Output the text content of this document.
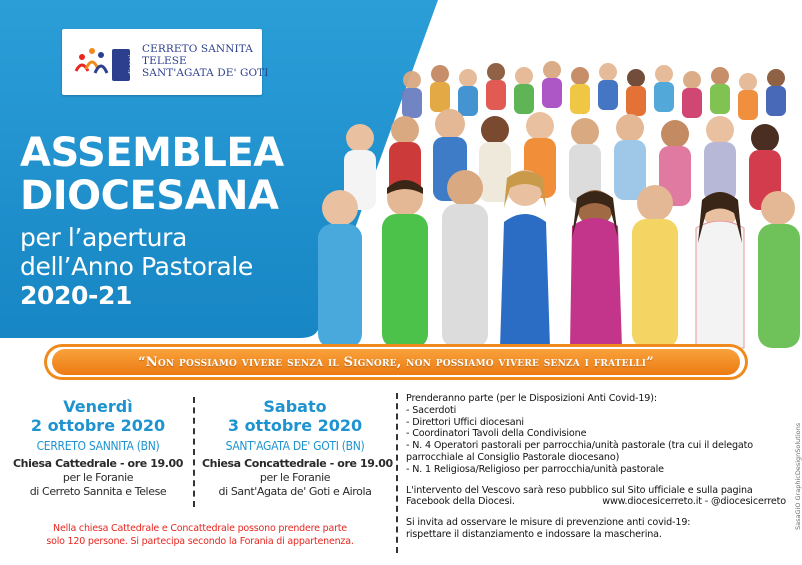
diocesi
CERRETO SANNITA
TELESE
SANT'AGATA DE' GOTI
ASSEMBLEA
DIOCESANA
per l’apertura
dell’Anno Pastorale
2020-21
“Non possiamo vivere senza il Signore, non possiamo vivere senza i fratelli”
SasaGiO GraphicDesignSolutions
Venerdì
2 ottobre 2020
CERRETO SANNITA (BN)
Chiesa Cattedrale - ore 19.00
per le Foranie
di Cerreto Sannita e Telese
Sabato
3 ottobre 2020
SANT'AGATA DE' GOTI (BN)
Chiesa Concattedrale - ore 19.00
per le Foranie
di Sant'Agata de' Goti e Airola
Nella chiesa Cattedrale e Concattedrale possono prendere parte
solo 120 persone. Si partecipa secondo la Forania di appartenenza.
Prenderanno parte (per le Disposizioni Anti Covid-19):
- Sacerdoti
- Direttori Uffici diocesani
- Coordinatori Tavoli della Condivisione
- N. 4 Operatori pastorali per parrocchia/unità pastorale (tra cui il delegato
parrocchiale al Consiglio Pastorale diocesano)
- N. 1 Religiosa/Religioso per parrocchia/unità pastorale
L'intervento del Vescovo sarà reso pubblico sul Sito ufficiale e sulla pagina
Facebook della Diocesi.	www.diocesicerreto.it - @diocesicerreto
Si invita ad osservare le misure di prevenzione anti covid-19:
rispettare il distanziamento e indossare la mascherina.
